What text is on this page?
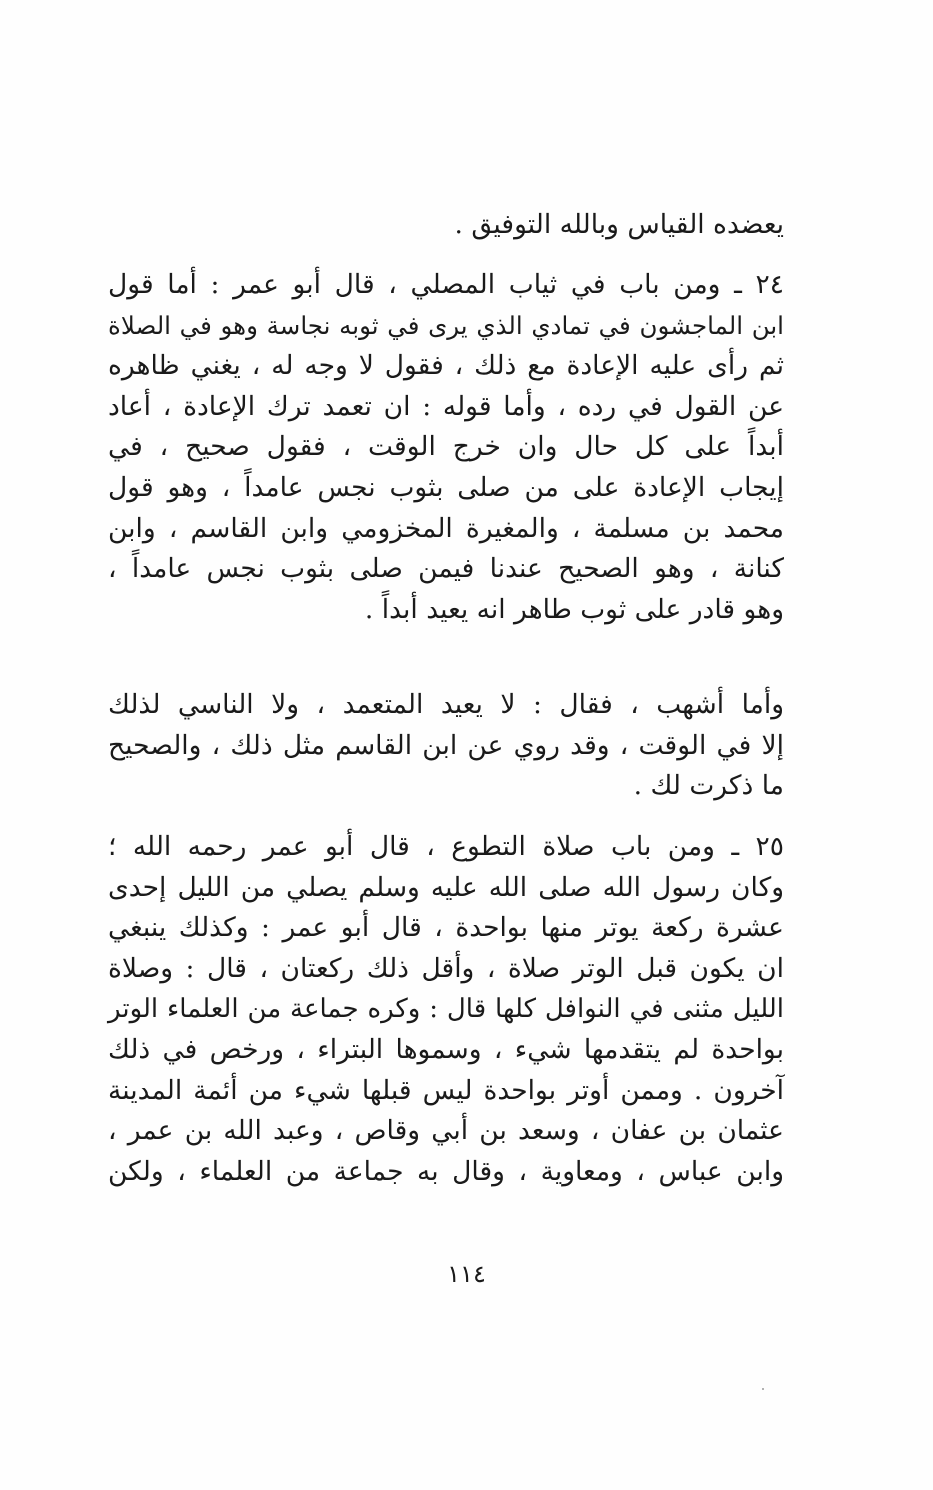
يعضده القياس وبالله التوفيق .
٢٤ ـ ومن باب في ثياب المصلي ، قال أبو عمر : أما قول
ابن الماجشون في تمادي الذي يرى في ثوبه نجاسة وهو في الصلاة
ثم رأى عليه الإعادة مع ذلك ، فقول لا وجه له ، يغني ظاهره
عن القول في رده ، وأما قوله : ان تعمد ترك الإعادة ، أعاد
أبداً على كل حال وان خرج الوقت ، فقول صحيح ، في
إيجاب الإعادة على من صلى بثوب نجس عامداً ، وهو قول
محمد بن مسلمة ، والمغيرة المخزومي وابن القاسم ، وابن
كنانة ، وهو الصحيح عندنا فيمن صلى بثوب نجس عامداً ،
وهو قادر على ثوب طاهر انه يعيد أبداً .
وأما أشهب ، فقال : لا يعيد المتعمد ، ولا الناسي لذلك
إلا في الوقت ، وقد روي عن ابن القاسم مثل ذلك ، والصحيح
ما ذكرت لك .
٢٥ ـ ومن باب صلاة التطوع ، قال أبو عمر رحمه الله ؛
وكان رسول الله صلى الله عليه وسلم يصلي من الليل إحدى
عشرة ركعة يوتر منها بواحدة ، قال أبو عمر : وكذلك ينبغي
ان يكون قبل الوتر صلاة ، وأقل ذلك ركعتان ، قال : وصلاة
الليل مثنى في النوافل كلها قال : وكره جماعة من العلماء الوتر
بواحدة لم يتقدمها شيء ، وسموها البتراء ، ورخص في ذلك
آخرون . وممن أوتر بواحدة ليس قبلها شيء من أئمة المدينة
عثمان بن عفان ، وسعد بن أبي وقاص ، وعبد الله بن عمر ،
وابن عباس ، ومعاوية ، وقال به جماعة من العلماء ، ولكن
١١٤
